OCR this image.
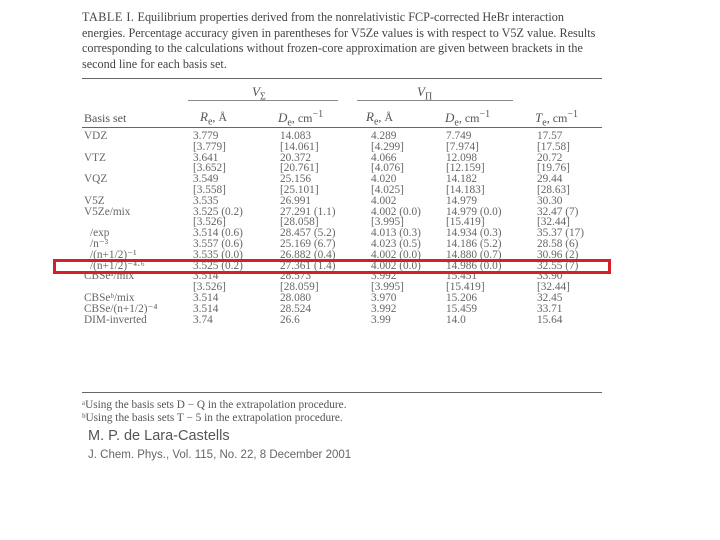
TABLE I. Equilibrium properties derived from the nonrelativistic FCP-corrected HeBr interaction energies. Percentage accuracy given in parentheses for V5Ze values is with respect to V5Z value. Results corresponding to the calculations without frozen-core approximation are given between brackets in the second line for each basis set.
$V_\Sigma$	$V_\Pi$
Basis set	$R_e$, Å	$D_e$, $cm^{-1}$	$R_e$, Å	$D_e$, $cm^{-1}$	$T_e$, $cm^{-1}$
VDZ	3.779	14.083	4.289	7.749	17.57
	[3.779]	[14.061]	[4.299]	[7.974]	[17.58]
VTZ	3.641	20.372	4.066	12.098	20.72
	[3.652]	[20.761]	[4.076]	[12.159]	[19.76]
VQZ	3.549	25.156	4.020	14.182	29.44
	[3.558]	[25.101]	[4.025]	[14.183]	[28.63]
V5Z	3.535	26.991	4.002	14.979	30.30
V5Ze/mix	3.525 (0.2)	27.291 (1.1)	4.002 (0.0)	14.979 (0.0)	32.47 (7)
	[3.526]	[28.058]	[3.995]	[15.419]	[32.44]
/exp	3.514 (0.6)	28.457 (5.2)	4.013 (0.3)	14.934 (0.3)	35.37 (17)
/n⁻³	3.557 (0.6)	25.169 (6.7)	4.023 (0.5)	14.186 (5.2)	28.58 (6)
/(n+1/2)⁻¹	3.535 (0.0)	26.882 (0.4)	4.002 (0.0)	14.880 (0.7)	30.96 (2)
/(n+1/2)⁻⁴·⁶	3.525 (0.2)	27.361 (1.4)	4.002 (0.0)	14.986 (0.0)	32.55 (7)
CBSeᵃ/mix	3.514	28.573	3.992	15.451	33.90
	[3.526]	[28.059]	[3.995]	[15.419]	[32.44]
CBSeᵇ/mix	3.514	28.080	3.970	15.206	32.45
CBSe/(n+1/2)⁻⁴	3.514	28.524	3.992	15.459	33.71
DIM-inverted	3.74	26.6	3.99	14.0	15.64
ᵃUsing the basis sets D − Q in the extrapolation procedure.
ᵇUsing the basis sets T − 5 in the extrapolation procedure.
M. P. de Lara-Castells
J. Chem. Phys., Vol. 115, No. 22, 8 December 2001
